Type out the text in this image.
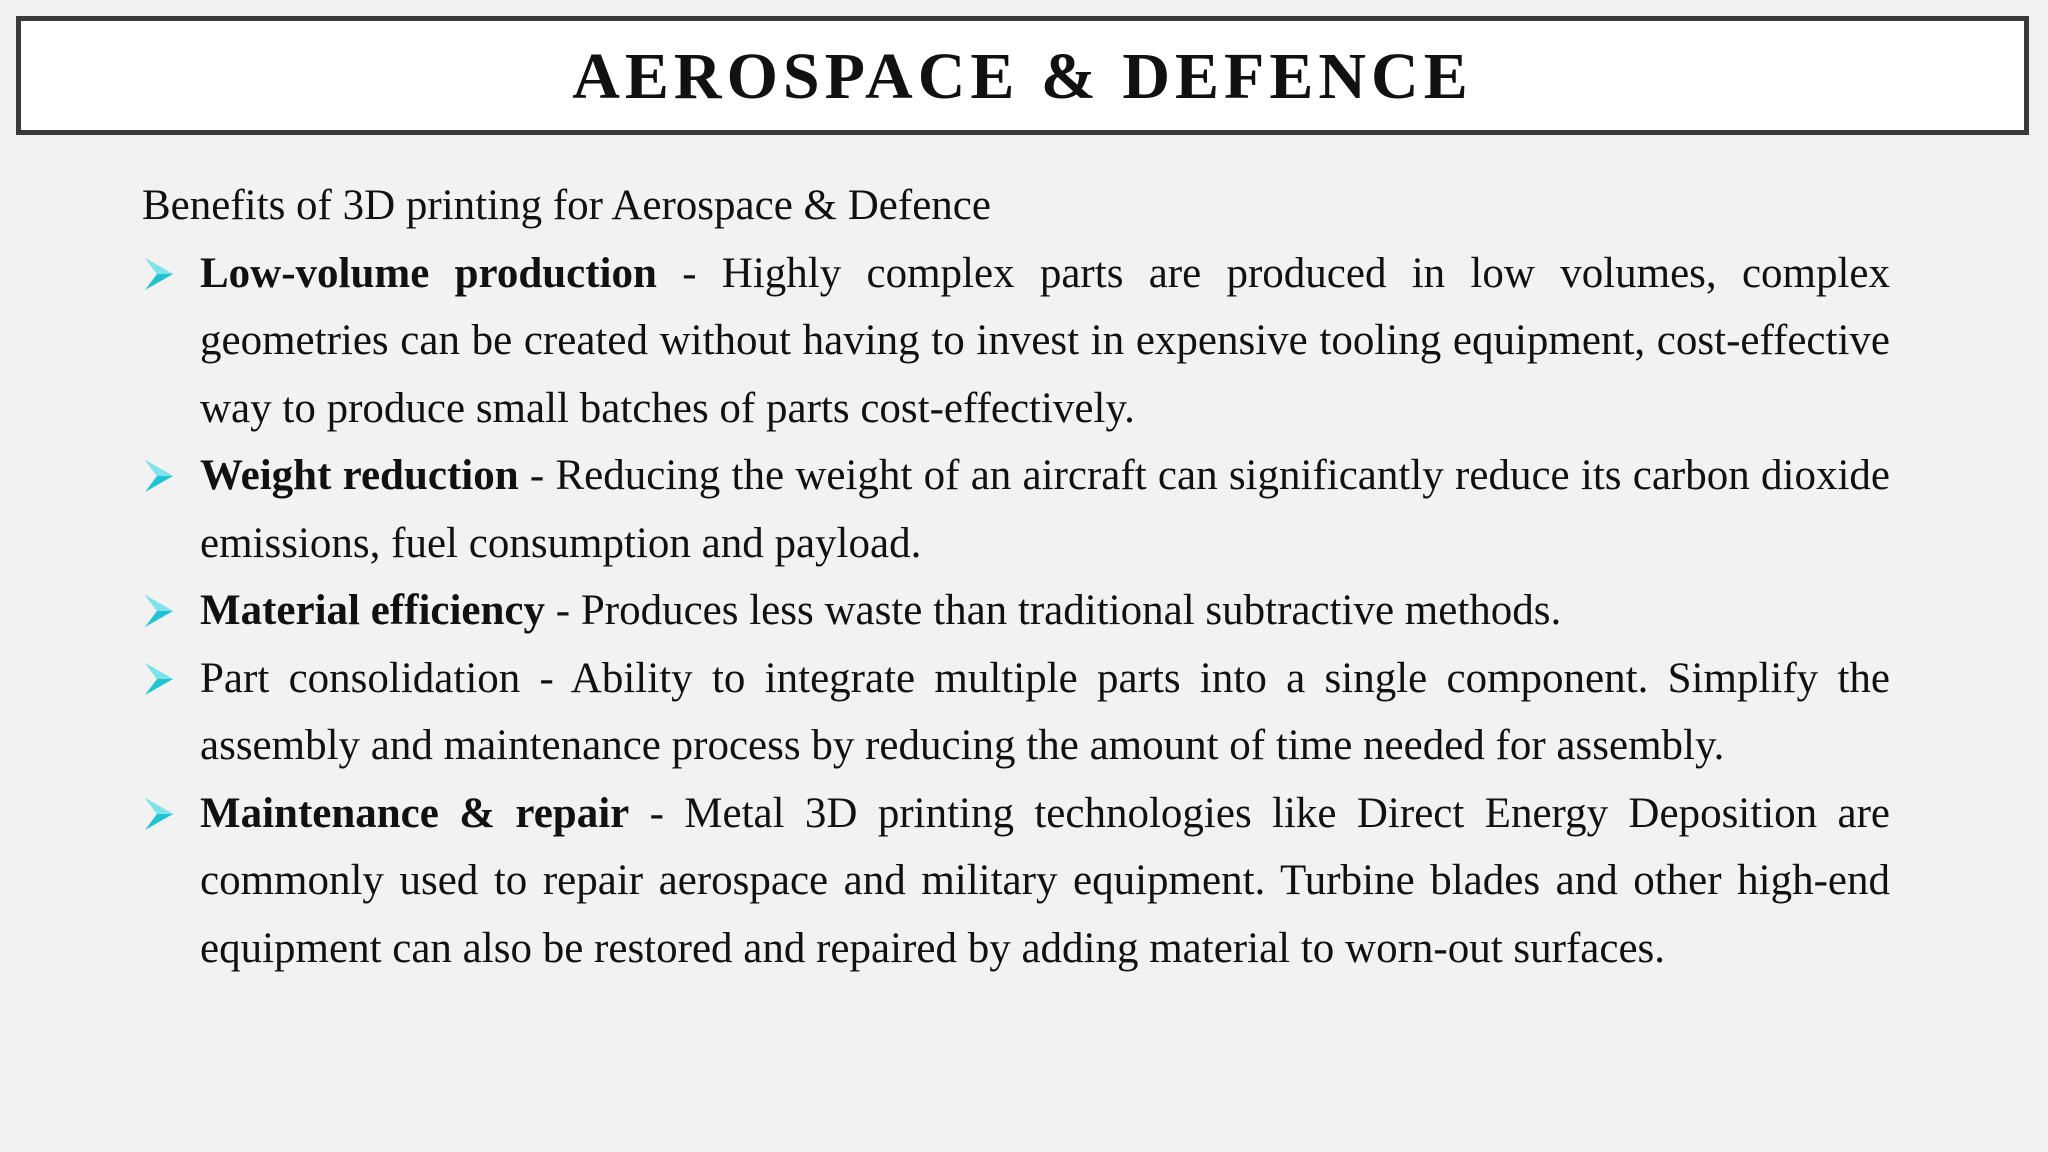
AEROSPACE & DEFENCE

Benefits of 3D printing for Aerospace & Defence

Low-volume production - Highly complex parts are produced in low volumes, complex geometries can be created without having to invest in expensive tooling equipment, cost-effective way to produce small batches of parts cost-effectively.
Weight reduction - Reducing the weight of an aircraft can significantly reduce its carbon dioxide emissions, fuel consumption and payload.
Material efficiency - Produces less waste than traditional subtractive methods.
Part consolidation - Ability to integrate multiple parts into a single component. Simplify the assembly and maintenance process by reducing the amount of time needed for assembly.
Maintenance & repair - Metal 3D printing technologies like Direct Energy Deposition are commonly used to repair aerospace and military equipment. Turbine blades and other high-end equipment can also be restored and repaired by adding material to worn-out surfaces.
